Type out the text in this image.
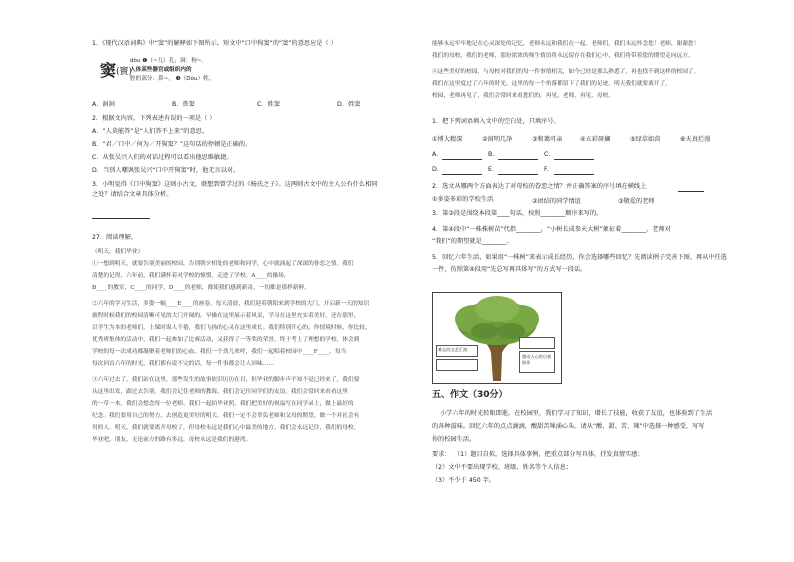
1．《现代汉语词典》中“窦”的解释如下图所示。短文中“口中狗窦”的“窦”的意思应是（ ）
窦 (竇)
dòu ❶（~儿）孔；洞：狗~。
人体某些器官或组织内的
腔的部分：鼻~。 ❸（Dòu）姓。
A．洞洞	B．鼻窦	C．姓窦	D．姓窦
2．根据文内容，下列表述有误的一项是（ ）
A．“人莫能答”是“人们答不上来”的意思。
B．“君／口中／何为／开狗窦？”这句话的停顿是正确的。
C．从张吴兴人们的对话过程可以看出他思维敏捷。
D．当别人嘲讽张吴兴“口中开狗窦”时，他无言以对。
3．小明觉得《口中狗窦》这则小古文，联想到曾学过的《杨氏之子》。这两则古文中的主人公有什么相同
之处？请结合文章具体分析。
27．阅读理解。
《明天，我们毕业》
①一想到明天，就要告别美丽的校园，告别朝夕相处的老师和同学，心中就涌起了深深的眷恋之情。我们
清楚的记得，六年前，我们满怀着对学校的憧憬，走进了学校。A____的操场，
B____的教室，C____的同学，D____的老师，都使我们感到新奇，一切都是那样新鲜。
②六年的学习生活，多姿一幅____E____的画卷。每天清晨，我们迎着朝阳来到学校的大门，开启新一天的知识
旅程时候我们的校园清晰可见的大门开阔的，早操在这里展示着风采，学习在这里充实着美好，还在那里，
以学生为本的老师们，上课时诲人不倦，我们飞扬的心灵在这里成长。我们特别开心的，你情境时候，你比较，
优秀班集体的活动中，我们一起参加了比赛活动，又获得了一等奖的荣誉，终于考上了理想的学校，体会到
学校的每一次成功都凝聚着老师们的心血。我们一个劲儿欢呼，我们一起唱着校园中____F____，每当
每次回首六年的时光，我们都有说不完的话，每一件事都会让人回味……
③六年过去了，我们站在这里，那些发生的故事依旧历历在目，但毕业的脚步声不知不觉已经来了，我们要
从这里出发，跟过去告别。我们会记住老师的教诲，我们会记住同学们的友谊。我们会常回来看看这里
的一草一木。我们会想念每一位老师。我们一起拍毕业照，我们把美好的祝福写在同学录上，做上最好的
纪念。我们要用自己的努力，去创造更美好的明天。我们一定不会辜负老师和父母的期望，做一个对社会有
用的人。明天，我们就要离开母校了，但母校永远是我们心中最美的地方。我们会永远记住，我们的母校。
毕业吧，朋友，无论前方的路有多远，母校永远是我们的港湾。
能够永远牢牢地记在心灵深处的记忆，老师永远和我们在一起。老师们，我们永远怀念您！老师，谢谢您！
我们的母校，我们的老师，那份浓浓的师生情谊将永远留存在我们心中，我们将带着您的期望走向远方。
④这些美好的校园，与母校对我们的每一件事情相关，如今已经是那么熟悉了，再也找不到这样的校园了。
我们在这里度过了六年的时光。这里的每一个角落都留下了我们的足迹。明天我们就要离开了，
校园，老师再见了，我们会常回来看您们的。再见，老师，再见，母校。
1．把下列词语填入文中的空白处，只填序号。
①博大精深	②窗明几净	③和蔼可亲	④五彩斑斓	⑤绿草如茵	⑥天真烂漫
A.	B.	C.
D.	E.	F.
2．选文从哪两个方面表达了对母校的眷恋之情？并正确答案的序号填在横线上
①多姿多彩的学校生活	②团结的同学情谊	③敬爱的老师
3．第③段是围绕本段第____句话，按照________顺序来写的。
4．第④段中“一株株树苗”代指________，“小树长成参天大树”象征着________，老师对
“我们”的期望就是________。
5．回忆六年生活，如果用“一株树”来表示成长经历，你会选择哪些回忆？先阅读例子完善下图，再从中任选
一件，仿照第④段用“先总写再具体写”的方式写一段话。
难忘的文艺汇演
感动人心的日夜陪伴
五、作文（30分）
小学六年的时光转眼即逝。在校园里，我们学习了知识，增长了技能，收获了友谊，也体验到了生活
的各种滋味。回忆六年的点点滴滴，酸甜苦辣涌心头。请从“酸、甜、苦、辣”中选择一种感受，写写
你的校园生活。
要求： （1）题目自拟，选择具体事例，把重点部分写具体，抒发真情实感；
（2）文中不要出现学校、班级、姓名等个人信息；
（3）不少于 450 字。
